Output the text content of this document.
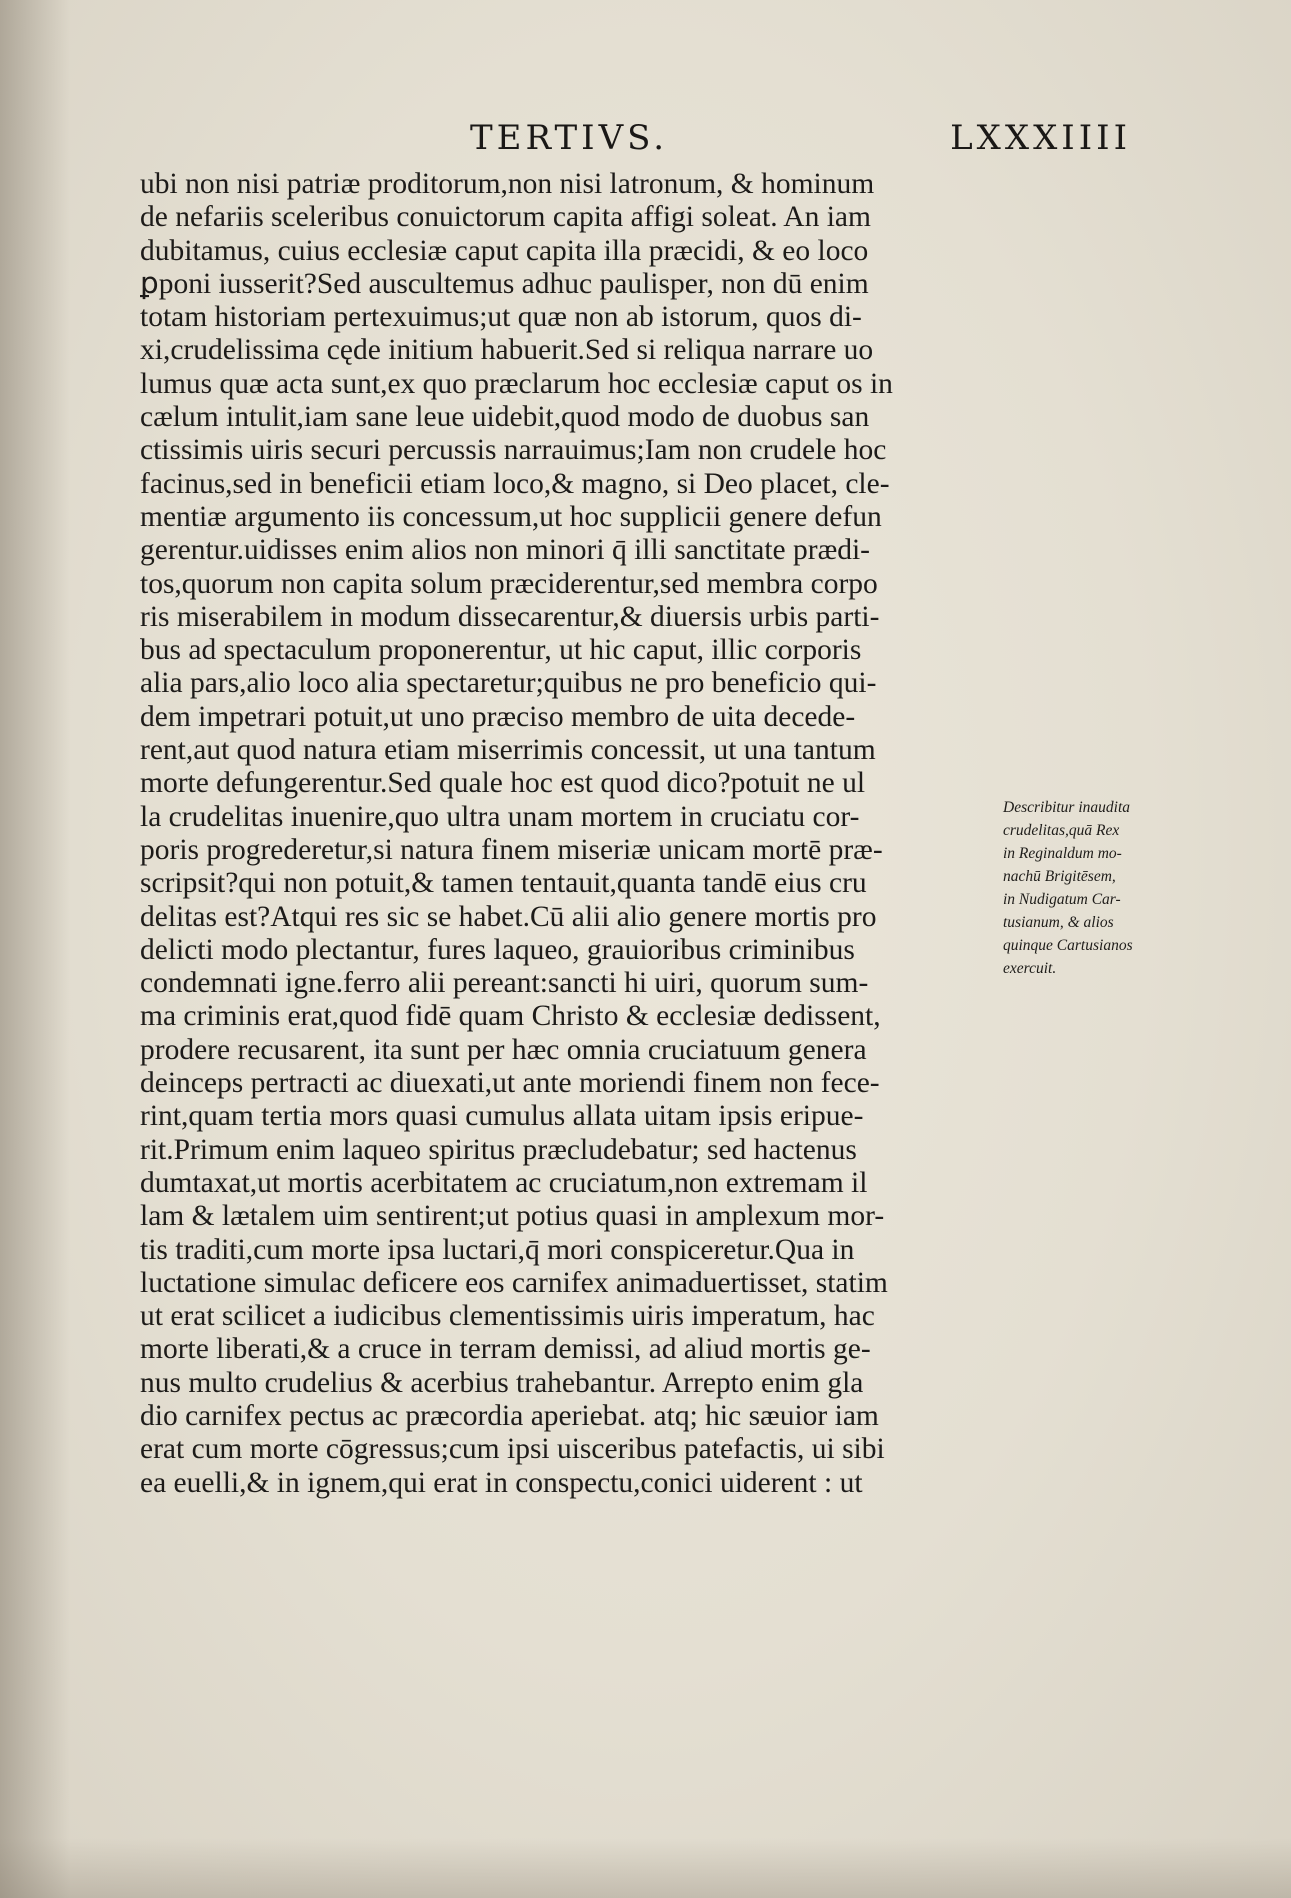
TERTIVS.	LXXXIIII
ubi non nisi patriæ proditorum,non nisi latronum, & hominum
de nefariis sceleribus conuictorum capita affigi soleat. An iam
dubitamus, cuius ecclesiæ caput capita illa præcidi, & eo loco
ꝑponi iusserit?Sed auscultemus adhuc paulisper, non dū enim
totam historiam pertexuimus;ut quæ non ab istorum, quos di-
xi,crudelissima cęde initium habuerit.Sed si reliqua narrare uo
lumus quæ acta sunt,ex quo præclarum hoc ecclesiæ caput os in
cælum intulit,iam sane leue uidebit,quod modo de duobus san
ctissimis uiris securi percussis narrauimus;Iam non crudele hoc
facinus,sed in beneficii etiam loco,& magno, si Deo placet, cle-
mentiæ argumento iis concessum,ut hoc supplicii genere defun
gerentur.uidisses enim alios non minori q̄ illi sanctitate prædi-
tos,quorum non capita solum præciderentur,sed membra corpo
ris miserabilem in modum dissecarentur,& diuersis urbis parti-
bus ad spectaculum proponerentur, ut hic caput, illic corporis
alia pars,alio loco alia spectaretur;quibus ne pro beneficio qui-
dem impetrari potuit,ut uno præciso membro de uita decede-
rent,aut quod natura etiam miserrimis concessit, ut una tantum
morte defungerentur.Sed quale hoc est quod dico?potuit ne ul
la crudelitas inuenire,quo ultra unam mortem in cruciatu cor-
poris progrederetur,si natura finem miseriæ unicam mortē præ-
scripsit?qui non potuit,& tamen tentauit,quanta tandē eius cru
delitas est?Atqui res sic se habet.Cū alii alio genere mortis pro
delicti modo plectantur, fures laqueo, grauioribus criminibus
condemnati igne.ferro alii pereant:sancti hi uiri, quorum sum-
ma criminis erat,quod fidē quam Christo & ecclesiæ dedissent,
prodere recusarent, ita sunt per hæc omnia cruciatuum genera
deinceps pertracti ac diuexati,ut ante moriendi finem non fece-
rint,quam tertia mors quasi cumulus allata uitam ipsis eripue-
rit.Primum enim laqueo spiritus præcludebatur; sed hactenus
dumtaxat,ut mortis acerbitatem ac cruciatum,non extremam il
lam & lætalem uim sentirent;ut potius quasi in amplexum mor-
tis traditi,cum morte ipsa luctari,q̄ mori conspiceretur.Qua in
luctatione simulac deficere eos carnifex animaduertisset, statim
ut erat scilicet a iudicibus clementissimis uiris imperatum, hac
morte liberati,& a cruce in terram demissi, ad aliud mortis ge-
nus multo crudelius & acerbius trahebantur. Arrepto enim gla
dio carnifex pectus ac præcordia aperiebat. atq; hic sæuior iam
erat cum morte cōgressus;cum ipsi uisceribus patefactis, ui sibi
ea euelli,& in ignem,qui erat in conspectu,conici uiderent : ut
Describitur inaudita
crudelitas,quā Rex
in Reginaldum mo-
nachū Brigitēsem,
in Nudigatum Car-
tusianum, & alios
quinque Cartusianos
exercuit.
